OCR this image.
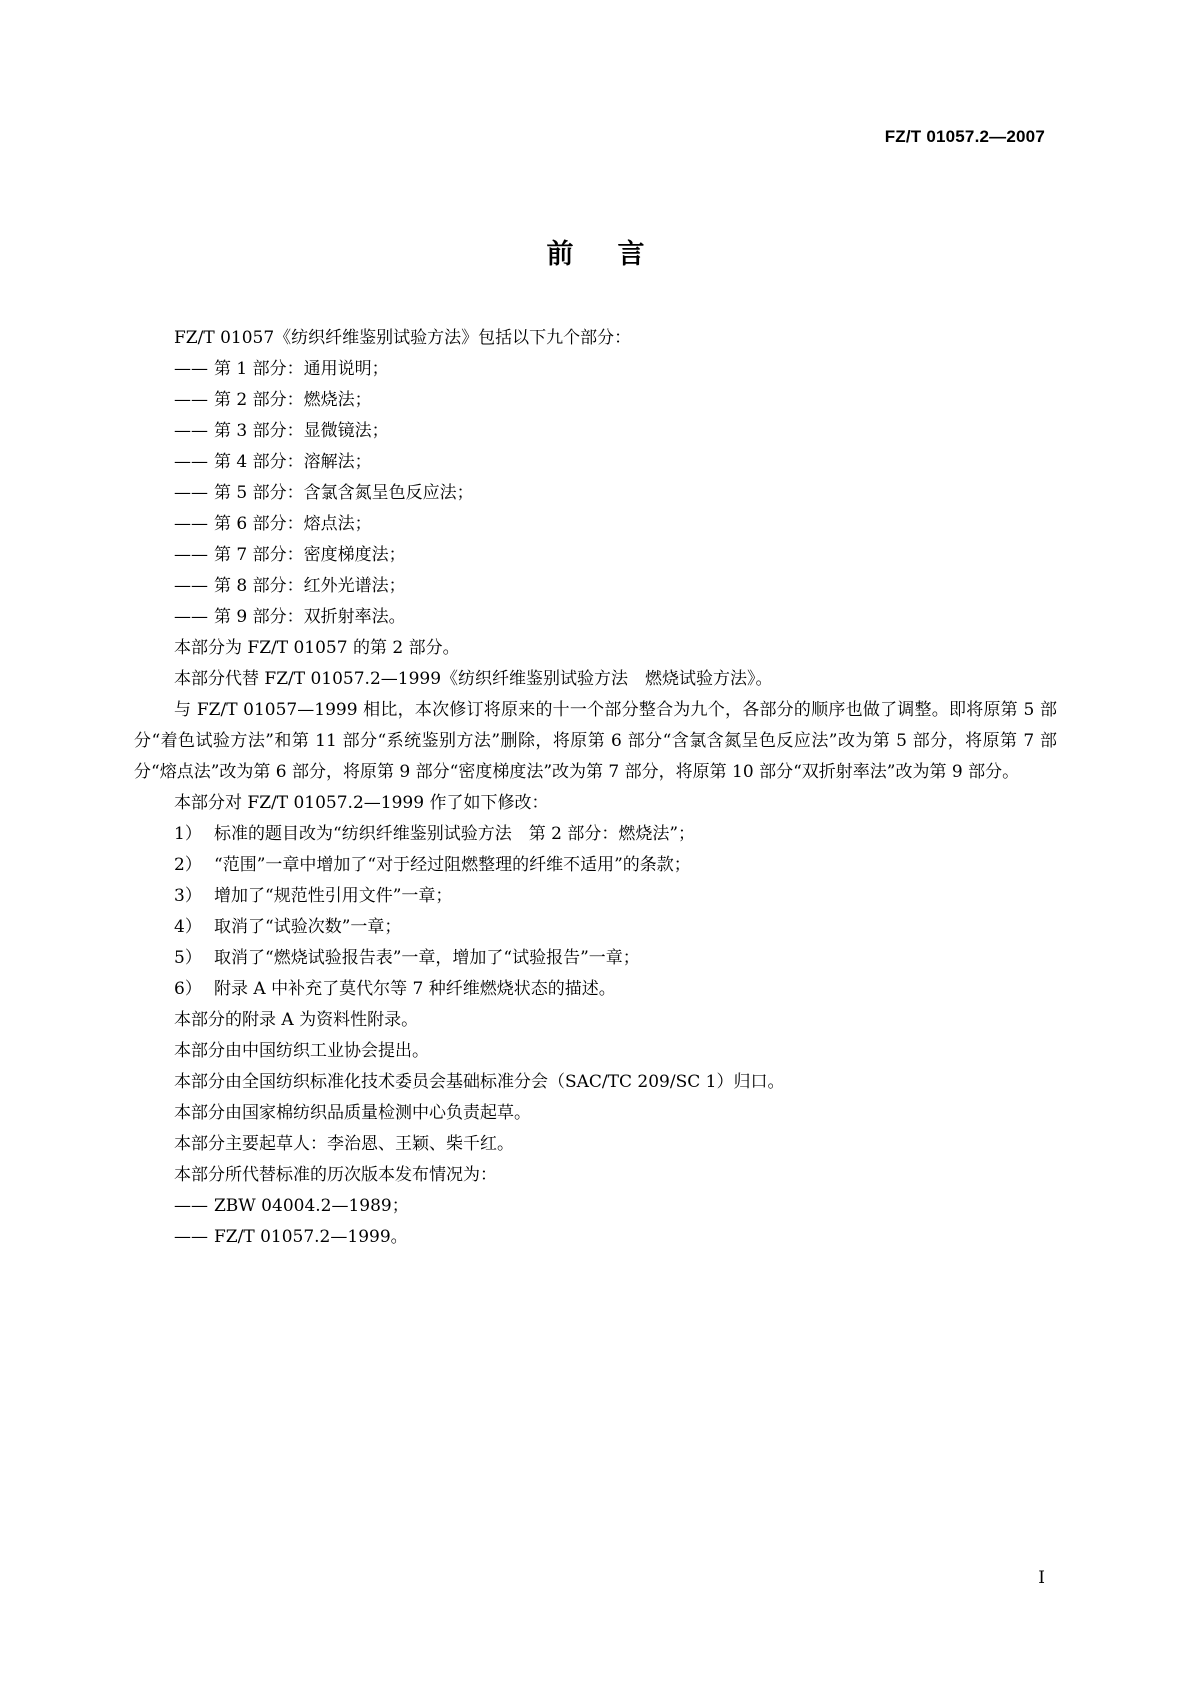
FZ/T 01057.2—2007
前言

FZ/T 01057《纺织纤维鉴别试验方法》包括以下九个部分：

—— 第 1 部分：通用说明；

—— 第 2 部分：燃烧法；

—— 第 3 部分：显微镜法；

—— 第 4 部分：溶解法；

—— 第 5 部分：含氯含氮呈色反应法；

—— 第 6 部分：熔点法；

—— 第 7 部分：密度梯度法；

—— 第 8 部分：红外光谱法；

—— 第 9 部分：双折射率法。

本部分为 FZ/T 01057 的第 2 部分。

本部分代替 FZ/T 01057.2—1999《纺织纤维鉴别试验方法　燃烧试验方法》。

与 FZ/T 01057—1999 相比，本次修订将原来的十一个部分整合为九个，各部分的顺序也做了调整。即将原第 5 部分“着色试验方法”和第 11 部分“系统鉴别方法”删除，将原第 6 部分“含氯含氮呈色反应法”改为第 5 部分，将原第 7 部分“熔点法”改为第 6 部分，将原第 9 部分“密度梯度法”改为第 7 部分，将原第 10 部分“双折射率法”改为第 9 部分。

本部分对 FZ/T 01057.2—1999 作了如下修改：

1） 标准的题目改为“纺织纤维鉴别试验方法　第 2 部分：燃烧法”；

2） “范围”一章中增加了“对于经过阻燃整理的纤维不适用”的条款；

3） 增加了“规范性引用文件”一章；

4） 取消了“试验次数”一章；

5） 取消了“燃烧试验报告表”一章，增加了“试验报告”一章；

6） 附录 A 中补充了莫代尔等 7 种纤维燃烧状态的描述。

本部分的附录 A 为资料性附录。

本部分由中国纺织工业协会提出。

本部分由全国纺织标准化技术委员会基础标准分会（SAC/TC 209/SC 1）归口。

本部分由国家棉纺织品质量检测中心负责起草。

本部分主要起草人：李治恩、王颖、柴千红。

本部分所代替标准的历次版本发布情况为：

—— ZBW 04004.2—1989；

—— FZ/T 01057.2—1999。

I
